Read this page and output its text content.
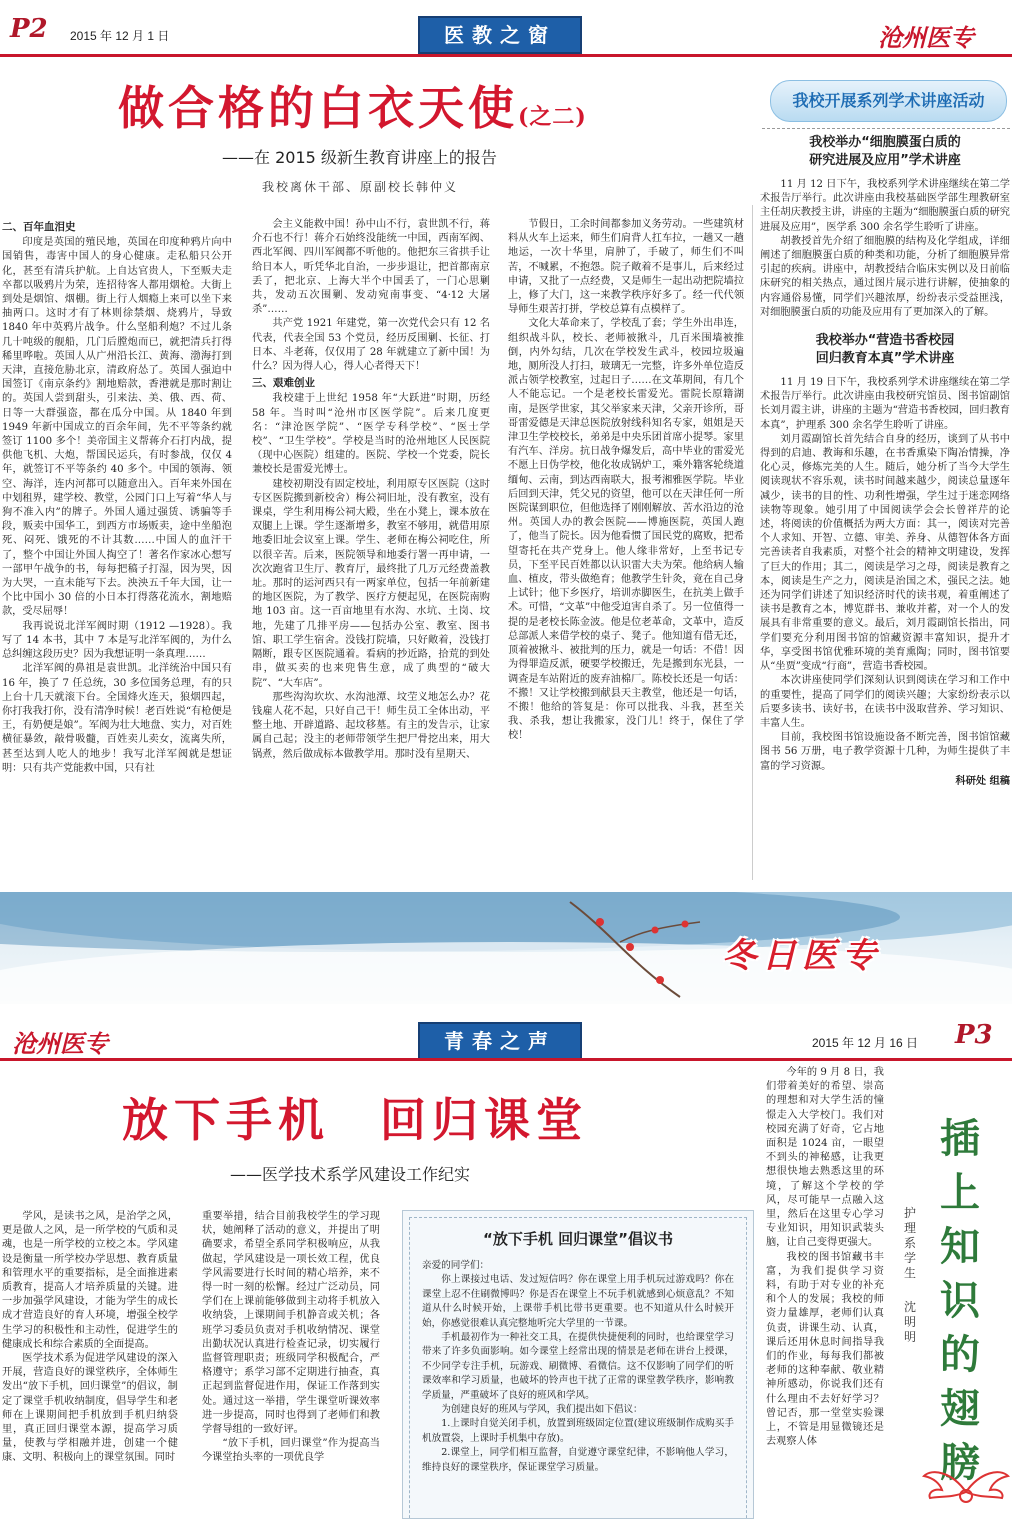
P2 2015 年 12 月 1 日	医教之窗	沧州医专
做合格的白衣天使(之二)
——在 2015 级新生教育讲座上的报告
我校离休干部、原副校长韩仲义
二、百年血泪史

印度是英国的殖民地，英国在印度种鸦片向中国销售，毒害中国人的身心健康。走私船只公开化，甚至有清兵护航。上自达官贵人，下至贩夫走卒都以吸鸦片为荣，连招待客人都用烟枪。大街上到处是烟馆、烟棚。街上行人烟瘾上来可以坐下来抽两口。这时才有了林则徐禁烟、烧鸦片，导致1840 年中英鸦片战争。什么坚船利炮？不过儿条几十吨级的舰船，几门后膛炮而已，就把清兵打得稀里哗啦。英国人从广州沿长江、黄海、渤海打到天津，直接危胁北京，清政府怂了。英国人强迫中国签订《南京条约》割地赔款，香港就是那时割让的。英国人尝到甜头，引来法、美、俄、西、荷、日等一大群强盗，都在瓜分中国。从 1840 年到 1949 年新中国成立的百余年间，先不平等条约就签订 1100 多个！美帝国主义帮蒋介石打内战，提供他飞机、大炮，帮国民运兵，有时参战，仅仅 4 年，就签订不平等条约 40 多个。中国的领海、领空、海洋，连内河都可以随意出入。百年来外国在中划租界，建学校、教堂，公园门口上写着“华人与狗不准入内”的牌子。外国人通过强赁、诱骗等手段，贩卖中国华工，到西方市场贩卖，途中坐船泡死、闷死、饿死的不计其数……中国人的血汗干了，整个中国让外国人掏空了！著名作家冰心想写一部甲午战争的书，每每把稿子打湿，因为哭，因为大哭，一直未能写下去。泱泱五千年大国，让一个比中国小 30 倍的小日本打得落花流水，割地赔款，受尽屈辱！

我再说说北洋军阀时期（1912 —1928）。我写了 14 本书，其中 7 本是写北洋军阀的，为什么总纠缠这段历史？因为我想证明一条真理……

北洋军阀的鼻祖是袁世凯。北洋统治中国只有 16 年，换了 7 任总统，30 多位国务总理，有的只上台十几天就滚下台。全国烽火连天，狼烟四起，你打我我打你，没有清净时候！老百姓说“有枪便是王，有奶便是娘”。军阀为壮大地盘、实力，对百姓横征暴敛，敲骨吸髓，百姓卖儿卖女，流离失所，甚至达到人吃人的地步！我写北洋军阀就是想证明：只有共产党能救中国，只有社

会主义能救中国！孙中山不行，袁世凯不行，蒋介石也不行！蒋介石始终没能统一中国，西南军阀、西北军阀、四川军阀都不听他的。他把东三省拱手让给日本人，听凭华北自治，一步步退让，把首都南京丢了，把北京、上海大半个中国丢了，一门心思剿共，发动五次围剿、发动宛南事变、“4·12 大屠杀”……

共产党 1921 年建党，第一次党代会只有 12 名代表，代表全国 53 个党员，经历反围剿、长征、打日本、斗老蒋，仅仅用了 28 年就建立了新中国！为什么？因为得人心，得人心者得天下！

三、艰难创业

我校建于上世纪 1958 年“大跃进”时期，历经 58 年。当时叫“沧州市区医学院”。后来几度更名：“津沧医学院”、“医学专科学校”、“医士学校”、“卫生学校”。学校是当时的沧州地区人民医院（现中心医院）组建的。医院、学校一个党委，院长兼校长是雷爱光博士。

建校初期没有固定校址，利用原专区医院（这时专区医院搬到新校舍）梅公祠旧址，没有教室，没有课桌，学生利用梅公祠大殿，坐在小凳上，课本放在双腿上上课。学生逐渐增多，教室不够用，就借用原地委旧址会议室上课。学生、老师在梅公祠吃住，所以很辛苦。后来，医院领导和地委行署一再申请，一次次跑省卫生厅、教育厅，最终批了几万元经费盖教址。那时的运河西只有一两家单位，包括一年前新建的地区医院，为了教学、医疗方便起见，在医院南购地 103 亩。这一百亩地里有水沟、水坑、土岗、坟地，先建了几排平房——包括办公室、教室、图书馆、职工学生宿舍。没钱打院墙，只好敞着，没钱打隔断，跟专区医院通着。看病的抄近路，拾荒的到处串，做买卖的也来兜售生意，成了典型的“破大院”、“大车店”。

那些沟沟坎坎、水沟池潭、坟茔义地怎么办？花钱雇人花不起，只好自己干！师生员工全体出动，平整土地、开辟道路、起坟移墓。有主的发告示，让家属自己起；没主的老师带领学生把尸骨挖出来，用大锅煮，然后做成标本做教学用。那时没有星期天、

节假日，工余时间都参加义务劳动。一些建筑材料从火车上运来，师生们肩背人扛车拉，一趟又一趟地运，一次十华里，肩肿了，手破了，师生们不叫苦，不喊累，不抱怨。院子敞着不是事儿，后来经过申请，又批了一点经费，又是师生一起出动把院墙拉上，修了大门，这一来教学秩序好多了。经一代代领导师生艰苦打拼，学校总算有点模样了。

文化大革命来了，学校乱了套；学生外出串连，组织战斗队，校长、老师被揪斗，几百米围墙被推倒，内外勾结，几次在学校发生武斗，校园垃圾遍地，厕所没人打扫，玻璃无一完整，许多外单位造反派占领学校教室，过起日子……在文革期间，有几个人不能忘记。一个是老校长雷爱光。雷院长原籍湖南，是医学世家，其父举家来天津，父亲开诊所，哥哥雷爱德是天津总医院放射线科知名专家，姐姐是天津卫生学校校长，弟弟是中央乐团首席小提琴。家里有汽车、洋房。抗日战争爆发后，高中毕业的雷爱光不愿上日伪学校，他化妆成锅炉工，乘外籍客轮绕道缅甸、云南，到达西南联大，报考湘雅医学院。毕业后回到天津，凭父兄的资望，他可以在天津任何一所医院谋到职位，但他选择了刚刚解放、苦水沿边的沧州。英国人办的教会医院——博施医院，英国人跑了，他当了院长。因为他看惯了国民党的腐败，把希望寄托在共产党身上。他人缘非常好，上至书记专员，下至平民百姓都以认识雷大夫为荣。他给病人输血、植皮，带头做绝育；他教学生针灸，竟在自己身上试针；他下乡医疗，培训赤脚医生，在抗美上做手术。可惜，“文革”中他受迫害自杀了。另一位值得一提的是老校长陈金波。他是位老革命，文革中，造反总部派人来借学校的桌子、凳子。他知道有借无还，顶着被揪斗、被批判的压力，就是一句话：不借！因为得罪造反派，硬要学校搬迁，先是搬到东光县，一调查是车站附近的废弃油棉厂。陈校长还是一句话：不搬！又让学校搬到献县天主教堂，他还是一句话，不搬！他给的答复是：你可以批我、斗我，甚至关我、杀我，想让我搬家，没门儿！终于，保住了学校！

我校开展系列学术讲座活动
我校举办“细胞膜蛋白质的
研究进展及应用”学术讲座

11 月 12 日下午，我校系列学术讲座继续在第二学术报告厅举行。此次讲座由我校基础医学部生理教研室主任胡庆教授主讲，讲座的主题为“细胞膜蛋白质的研究进展及应用”，医学系 300 余名学生聆听了讲座。

胡教授首先介绍了细胞膜的结构及化学组成，详细阐述了细胞膜蛋白质的种类和功能，分析了细胞膜异常引起的疾病。讲座中，胡教授结合临床实例以及日前临床研究的相关热点，通过图片展示进行讲解，使抽象的内容通俗易懂，同学们兴趣浓厚，纷纷表示受益匪浅，对细胞膜蛋白质的功能及应用有了更加深入的了解。

我校举办“营造书香校园
回归教育本真”学术讲座

11 月 19 日下午，我校系列学术讲座继续在第二学术报告厅举行。此次讲座由我校研究馆员、图书馆副馆长刘月霞主讲，讲座的主题为“营造书香校园，回归教育本真”，护理系 300 余名学生聆听了讲座。

刘月霞副馆长首先结合自身的经历，谈到了从书中得到的启迪、教诲和乐趣，在书香熏染下陶冶情操，净化心灵，修炼完美的人生。随后，她分析了当今大学生阅读现状不容乐观，读书时间越来越少，阅读总量逐年减少，读书的目的性、功利性增强，学生过于迷恋网络读物等现象。她引用了中国阅读学会会长曾祥芹的论述，将阅读的价值概括为两大方面：其一，阅读对完善个人求知、开智、立德、审美、养身、从德智体各方面完善读者自我素质，对整个社会的精神文明建设，发挥了巨大的作用；其二，阅读是学习之母，阅读是教育之本，阅读是生产之力，阅读是治国之术，强民之法。她还为同学们讲述了知识经济时代的读书观，着重阐述了读书是教育之本，博览群书、兼收并蓄，对一个人的发展具有非常重要的意义。最后，刘月霞副馆长指出，同学们要充分利用图书馆的馆藏资源丰富知识，提升才华，享受图书馆优雅环境的美育熏陶；同时，图书馆要从“坐贾”变成“行商”，营造书香校园。

本次讲座使同学们深刻认识到阅读在学习和工作中的重要性，提高了同学们的阅读兴趣；大家纷纷表示以后要多读书、读好书，在读书中汲取营养、学习知识、丰富人生。

目前，我校图书馆设施设备不断完善，图书馆馆藏图书 56 万册，电子教学资源十几种，为师生提供了丰富的学习资源。

科研处 组稿
冬日医专
沧州医专	青春之声	2015 年 12 月 16 日 P3
放下手机 回归课堂
——医学技术系学风建设工作纪实

学风，是读书之风，是治学之风，更是做人之风，是一所学校的气质和灵魂，也是一所学校的立校之本。学风建设是衡量一所学校办学思想、教育质量和管理水平的重要指标，是全面推进素质教育，提高人才培养质量的关键。进一步加强学风建设，才能为学生的成长成才营造良好的育人环境，增强全校学生学习的积极性和主动性，促进学生的健康成长和综合素质的全面提高。

医学技术系为促进学风建设的深入开展，营造良好的课堂秩序，全体师生发出“放下手机，回归课堂”的倡议，制定了课堂手机收纳制度，倡导学生和老师在上课期间把手机放到手机归纳袋里，真正回归课堂本源，提高学习质量，使教与学相融并进，创建一个健康、文明、积极向上的课堂氛围。同时

重要举措，结合目前我校学生的学习现状，她阐释了活动的意义，并提出了明确要求，希望全系同学积极响应，从我做起，学风建设是一项长效工程，优良学风需要进行长时间的精心培养，来不得一时一刻的松懈。经过广泛动员，同学们在上课前能够做到主动将手机放入收纳袋，上课期间手机静音或关机；各班学习委员负责对手机收纳情况、课堂出勤状况认真进行检查记录，切实履行监督管理职责；班级同学积极配合，严格遵守；系学习部不定期进行抽查，真正起到监督促进作用，保证工作落到实处。通过这一举措，学生课堂听课效率进一步提高，同时也得到了老师们和教学督导组的一致好评。

“放下手机，回归课堂”作为提高当今课堂抬头率的一项优良学

“放下手机 回归课堂”倡议书

亲爱的同学们：

你上课接过电话、发过短信吗？你在课堂上用手机玩过游戏吗？你在课堂上忍不住刷微博吗？你是否在课堂上不玩手机就感到心烦意乱？不知道从什么时候开始，上课带手机比带书更重要。也不知道从什么时候开始，你感觉很难认真完整地听完大学里的一节课。

手机最初作为一种社交工具，在提供快捷便利的同时，也给课堂学习带来了许多负面影响。如今课堂上经常出现的情景是老师在讲台上授课，不少同学专注手机，玩游戏、刷微博、看微信。这不仅影响了同学们的听课效率和学习质量，也破坏的铃声也干扰了正常的课堂教学秩序，影响教学质量，严重破坏了良好的班风和学风。

为创建良好的班风与学风，我们提出如下倡议：

1.上课时自觉关闭手机，放置到班级固定位置(建议班级制作成购买手机放置袋，上课时手机集中存放)。

2.课堂上，同学们相互监督，自觉遵守课堂纪律，不影响他人学习，维持良好的课堂秩序，保证课堂学习质量。

今年的 9 月 8 日，我们带着美好的希望、崇高的理想和对大学生活的憧憬走入大学校门。我们对校园充满了好奇，它占地面积是 1024 亩，一眼望不到头的神秘感，让我更想很快地去熟悉这里的环境，了解这个学校的学风，尽可能早一点融入这里，然后在这里专心学习专业知识，用知识武装头脑，让自己变得更强大。

我校的图书馆藏书丰富，为我们提供学习资料，有助于对专业的补充和个人的发展；我校的师资力量雄厚，老师们认真负责，讲课生动、认真，课后还用休息时间指导我们的作业，每每我们都被老师的这种奉献、敬业精神所感动，你说我们还有什么理由不去好好学习？曾记否，那一堂堂实验课上，不管是用显微镜还是去观察人体

插上知识的翅膀
护理系学生
沈明明
